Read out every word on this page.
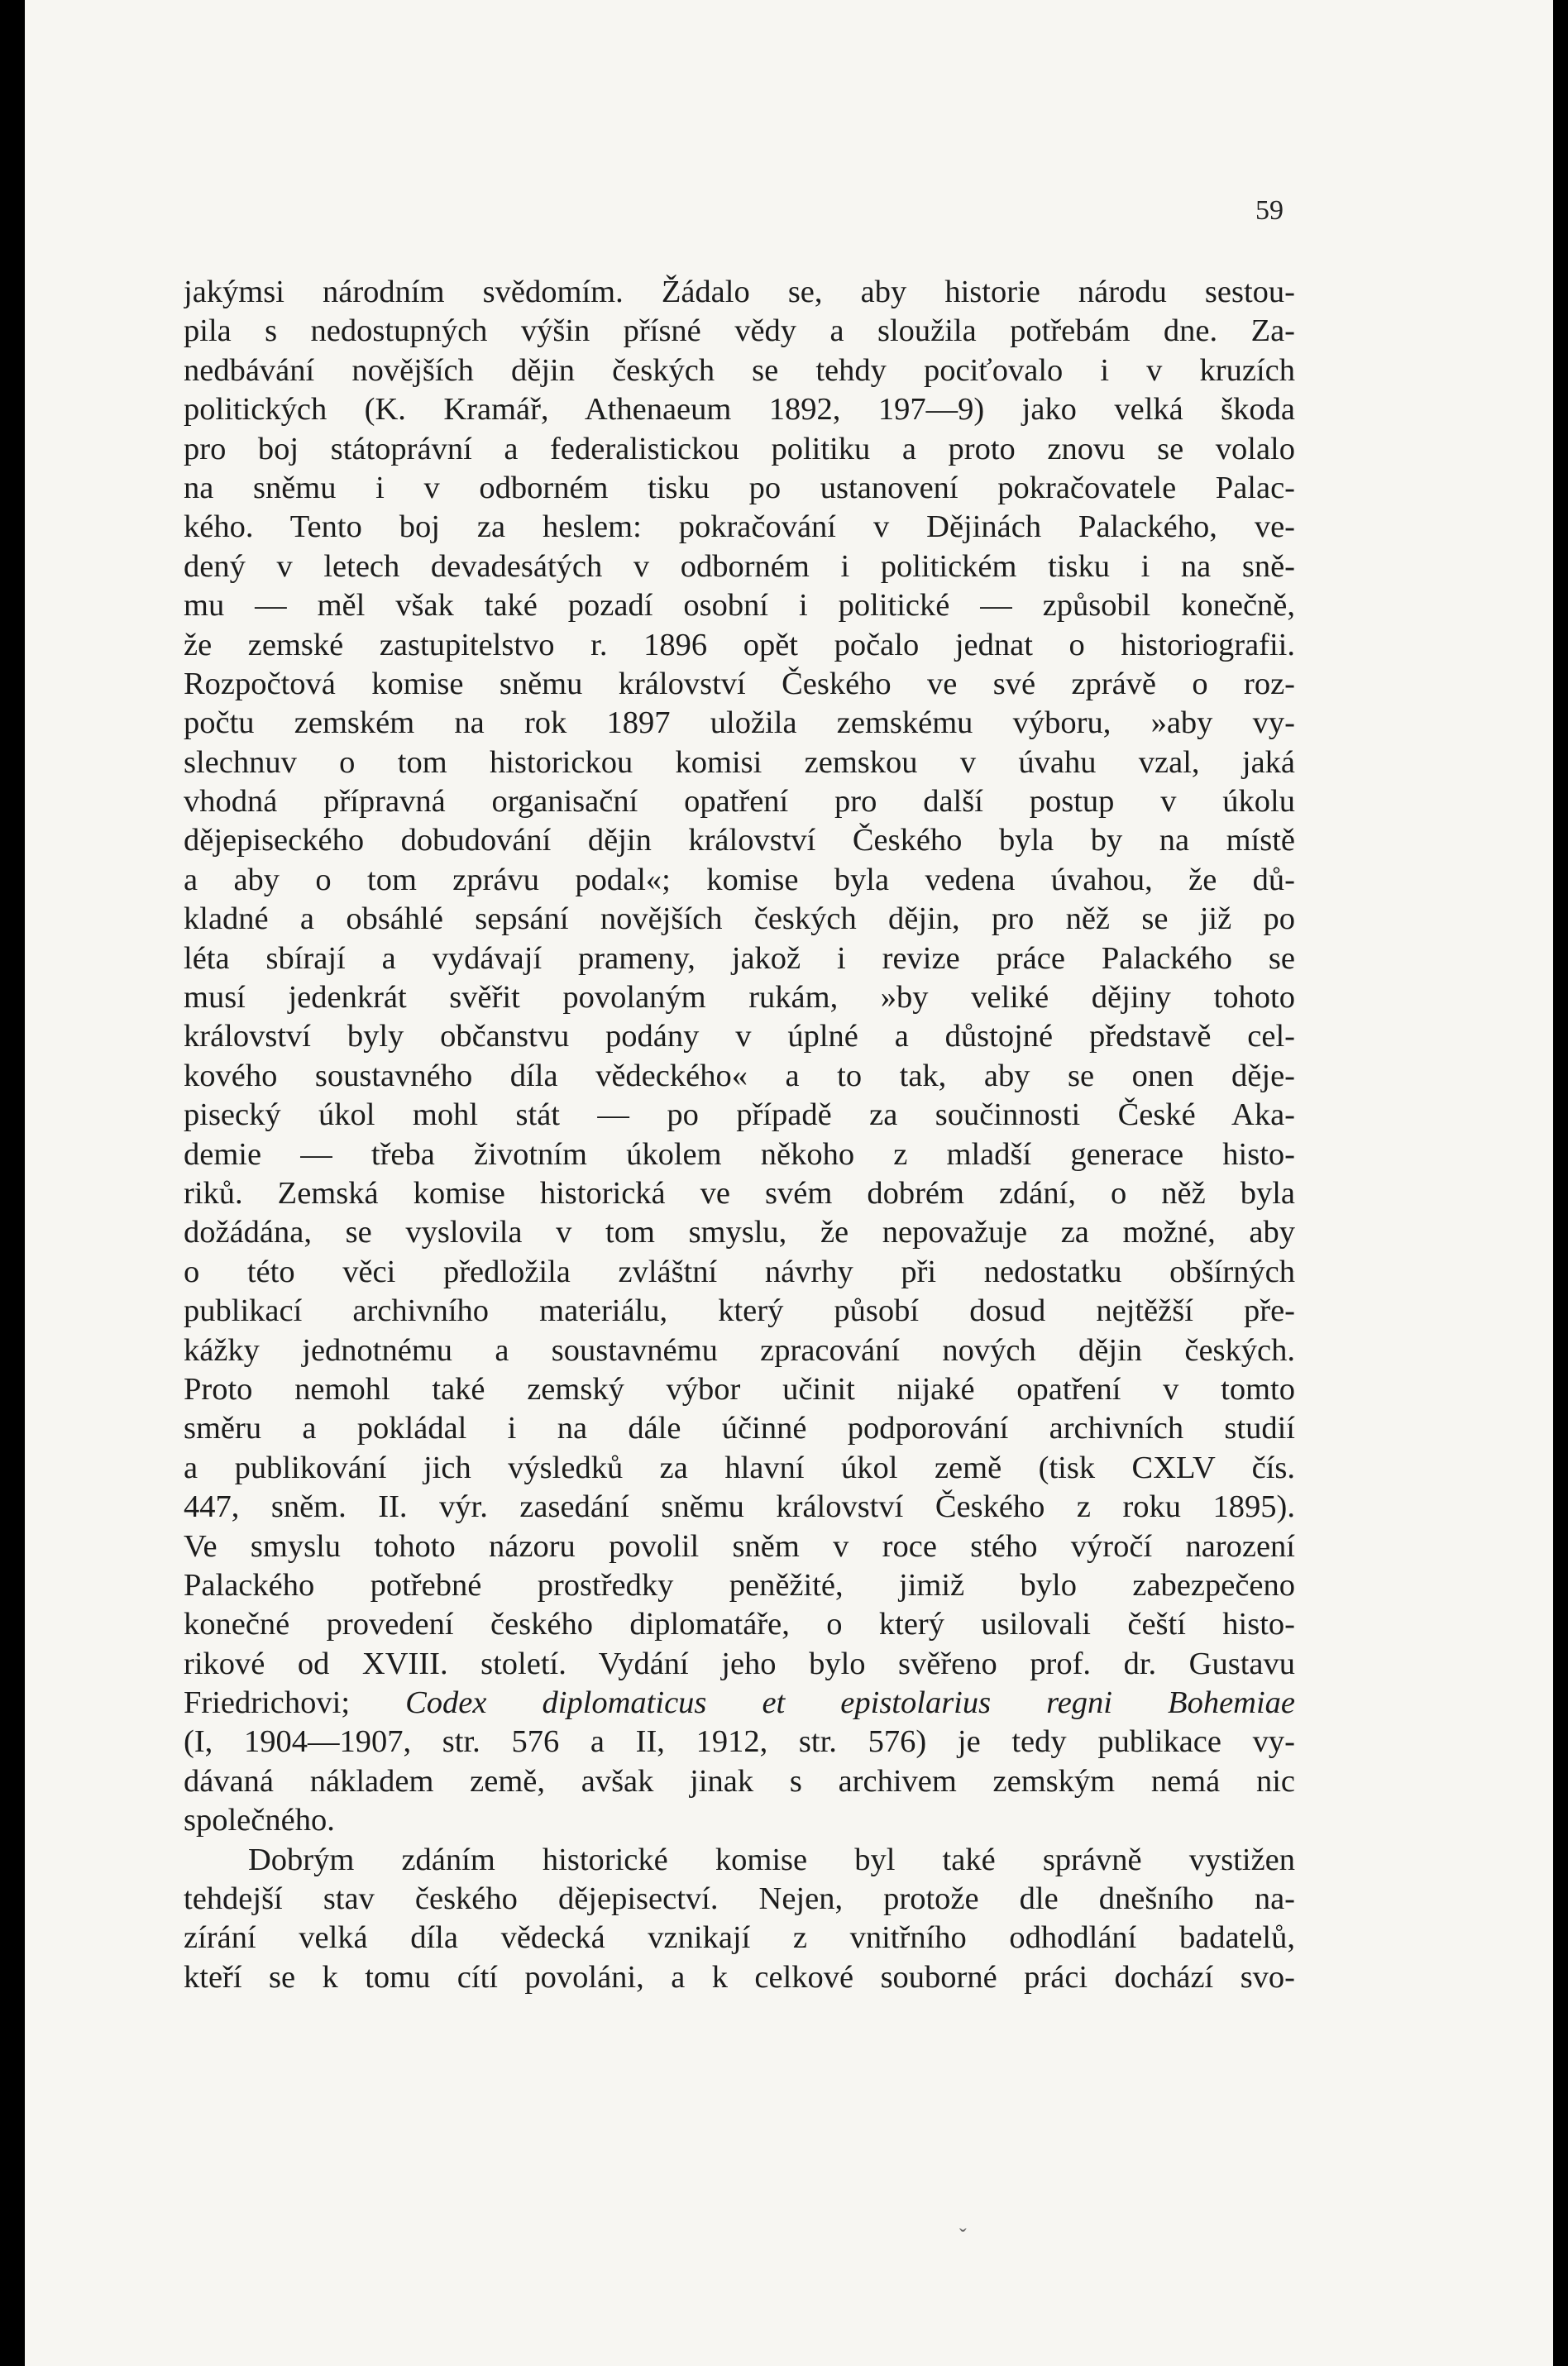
59
jakýmsi národním svědomím. Žádalo se, aby historie národu sestou-
pila s nedostupných výšin přísné vědy a sloužila potřebám dne. Za-
nedbávání novějších dějin českých se tehdy pociťovalo i v kruzích
politických (K. Kramář, Athenaeum 1892, 197—9) jako velká škoda
pro boj státoprávní a federalistickou politiku a proto znovu se volalo
na sněmu i v odborném tisku po ustanovení pokračovatele Palac-
kého. Tento boj za heslem: pokračování v Dějinách Palackého, ve-
dený v letech devadesátých v odborném i politickém tisku i na sně-
mu — měl však také pozadí osobní i politické — způsobil konečně,
že zemské zastupitelstvo r. 1896 opět počalo jednat o historiografii.
Rozpočtová komise sněmu království Českého ve své zprávě o roz-
počtu zemském na rok 1897 uložila zemskému výboru, »aby vy-
slechnuv o tom historickou komisi zemskou v úvahu vzal, jaká
vhodná přípravná organisační opatření pro další postup v úkolu
dějepiseckého dobudování dějin království Českého byla by na místě
a aby o tom zprávu podal«; komise byla vedena úvahou, že dů-
kladné a obsáhlé sepsání novějších českých dějin, pro něž se již po
léta sbírají a vydávají prameny, jakož i revize práce Palackého se
musí jedenkrát svěřit povolaným rukám, »by veliké dějiny tohoto
království byly občanstvu podány v úplné a důstojné představě cel-
kového soustavného díla vědeckého« a to tak, aby se onen děje-
pisecký úkol mohl stát — po případě za součinnosti České Aka-
demie — třeba životním úkolem někoho z mladší generace histo-
riků. Zemská komise historická ve svém dobrém zdání, o něž byla
dožádána, se vyslovila v tom smyslu, že nepovažuje za možné, aby
o této věci předložila zvláštní návrhy při nedostatku obšírných
publikací archivního materiálu, který působí dosud nejtěžší pře-
kážky jednotnému a soustavnému zpracování nových dějin českých.
Proto nemohl také zemský výbor učinit nijaké opatření v tomto
směru a pokládal i na dále účinné podporování archivních studií
a publikování jich výsledků za hlavní úkol země (tisk CXLV čís.
447, sněm. II. výr. zasedání sněmu království Českého z roku 1895).
Ve smyslu tohoto názoru povolil sněm v roce stého výročí narození
Palackého potřebné prostředky peněžité, jimiž bylo zabezpečeno
konečné provedení českého diplomatáře, o který usilovali čeští histo-
rikové od XVIII. století. Vydání jeho bylo svěřeno prof. dr. Gustavu
Friedrichovi; Codex diplomaticus et epistolarius regni Bohemiae
(I, 1904—1907, str. 576 a II, 1912, str. 576) je tedy publikace vy-
dávaná nákladem země, avšak jinak s archivem zemským nemá nic
společného.
Dobrým zdáním historické komise byl také správně vystižen
tehdejší stav českého dějepisectví. Nejen, protože dle dnešního na-
zírání velká díla vědecká vznikají z vnitřního odhodlání badatelů,
kteří se k tomu cítí povoláni, a k celkové souborné práci dochází svo-
ˇ
